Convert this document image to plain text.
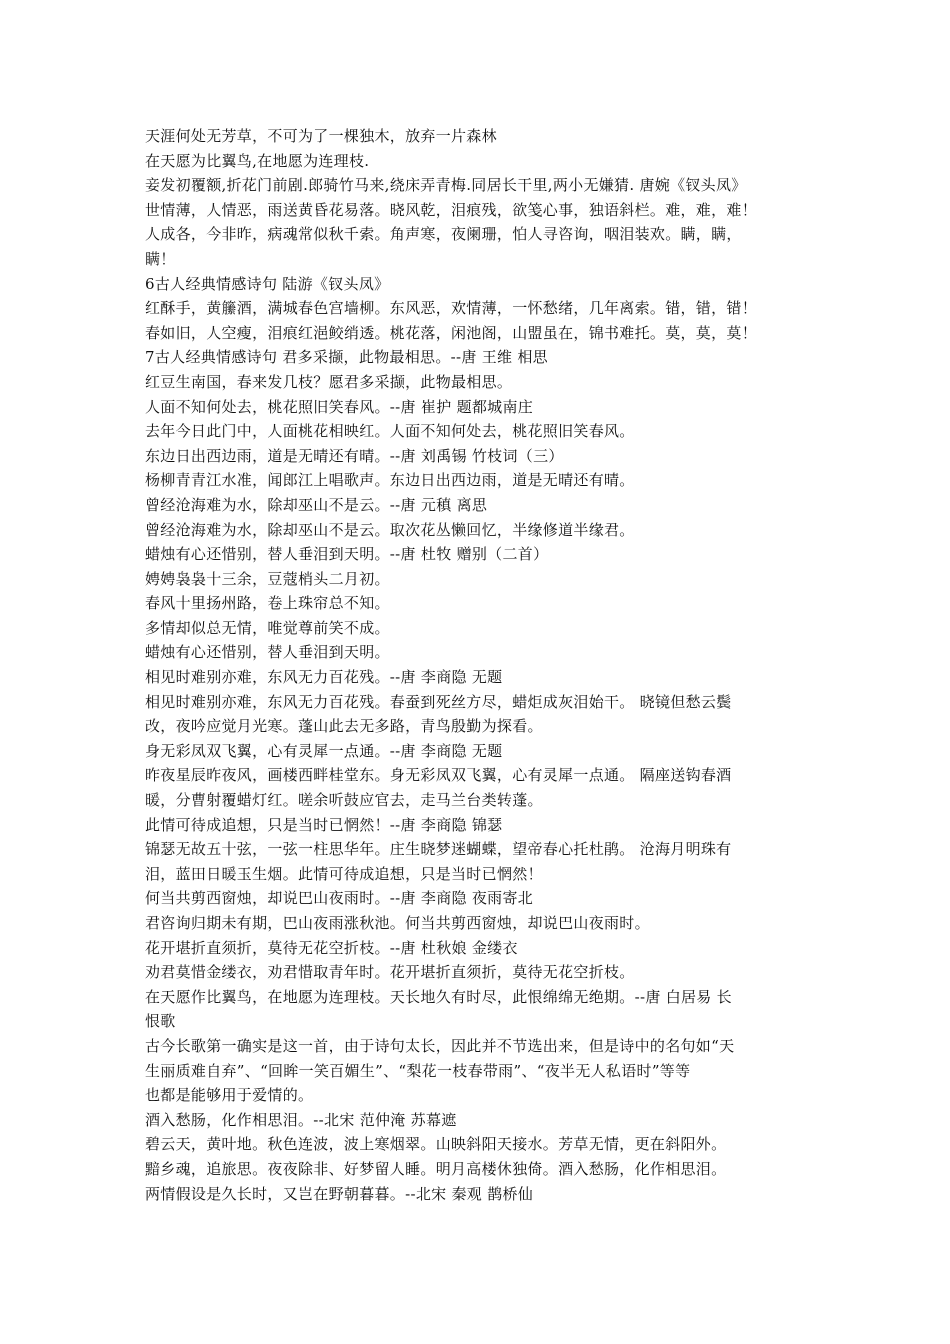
天涯何处无芳草，不可为了一棵独木，放弃一片森林
在天愿为比翼鸟,在地愿为连理枝.
妾发初覆额,折花门前剧.郎骑竹马来,绕床弄青梅.同居长干里,两小无嫌猜. 唐婉《钗头凤》
世情薄，人情恶，雨送黄昏花易落。晓风乾，泪痕残，欲笺心事，独语斜栏。难，难，难！
人成各，今非昨，病魂常似秋千索。角声寒，夜阑珊，怕人寻咨询，咽泪装欢。瞒，瞒，
瞒！
6古人经典情感诗句 陆游《钗头凤》
红酥手，黄籘酒，满城春色宫墙柳。东风恶，欢情薄，一怀愁绪，几年离索。错，错，错！
春如旧，人空瘦，泪痕红浥鲛绡透。桃花落，闲池阁，山盟虽在，锦书难托。莫，莫，莫！
7古人经典情感诗句 君多采撷，此物最相思。--唐 王维 相思
红豆生南国，春来发几枝？愿君多采撷，此物最相思。
人面不知何处去，桃花照旧笑春风。--唐 崔护 题都城南庄
去年今日此门中，人面桃花相映红。人面不知何处去，桃花照旧笑春风。
东边日出西边雨，道是无晴还有晴。--唐 刘禹锡 竹枝词（三）
杨柳青青江水准，闻郎江上唱歌声。东边日出西边雨，道是无晴还有晴。
曾经沧海难为水，除却巫山不是云。--唐 元稹 离思
曾经沧海难为水，除却巫山不是云。取次花丛懒回忆，半缘修道半缘君。
蜡烛有心还惜别，替人垂泪到天明。--唐 杜牧 赠别（二首）
娉娉袅袅十三余，豆蔻梢头二月初。
春风十里扬州路，卷上珠帘总不知。
多情却似总无情，唯觉尊前笑不成。
蜡烛有心还惜别，替人垂泪到天明。
相见时难别亦难，东风无力百花残。--唐 李商隐 无题
相见时难别亦难，东风无力百花残。春蚕到死丝方尽，蜡炬成灰泪始干。 晓镜但愁云鬓
改，夜吟应觉月光寒。蓬山此去无多路，青鸟殷勤为探看。
身无彩凤双飞翼，心有灵犀一点通。--唐 李商隐 无题
昨夜星辰昨夜风，画楼西畔桂堂东。身无彩凤双飞翼，心有灵犀一点通。 隔座送钩春酒
暖，分曹射覆蜡灯红。嗟余听鼓应官去，走马兰台类转蓬。
此情可待成追想，只是当时已惘然！--唐 李商隐 锦瑟
锦瑟无故五十弦，一弦一柱思华年。庄生晓梦迷蝴蝶，望帝春心托杜鹃。 沧海月明珠有
泪，蓝田日暖玉生烟。此情可待成追想，只是当时已惘然！
何当共剪西窗烛，却说巴山夜雨时。--唐 李商隐 夜雨寄北
君咨询归期未有期，巴山夜雨涨秋池。何当共剪西窗烛，却说巴山夜雨时。
花开堪折直须折，莫待无花空折枝。--唐 杜秋娘 金缕衣
劝君莫惜金缕衣，劝君惜取青年时。花开堪折直须折，莫待无花空折枝。
在天愿作比翼鸟，在地愿为连理枝。天长地久有时尽，此恨绵绵无绝期。--唐 白居易 长
恨歌
古今长歌第一确实是这一首，由于诗句太长，因此并不节选出来，但是诗中的名句如“天
生丽质难自弃”、“回眸一笑百媚生”、“梨花一枝春带雨”、“夜半无人私语时”等等
也都是能够用于爱情的。
酒入愁肠，化作相思泪。--北宋 范仲淹 苏幕遮
碧云天，黄叶地。秋色连波，波上寒烟翠。山映斜阳天接水。芳草无情，更在斜阳外。
黯乡魂，追旅思。夜夜除非、好梦留人睡。明月高楼休独倚。酒入愁肠，化作相思泪。
两情假设是久长时，又岂在野朝暮暮。--北宋 秦观 鹊桥仙
